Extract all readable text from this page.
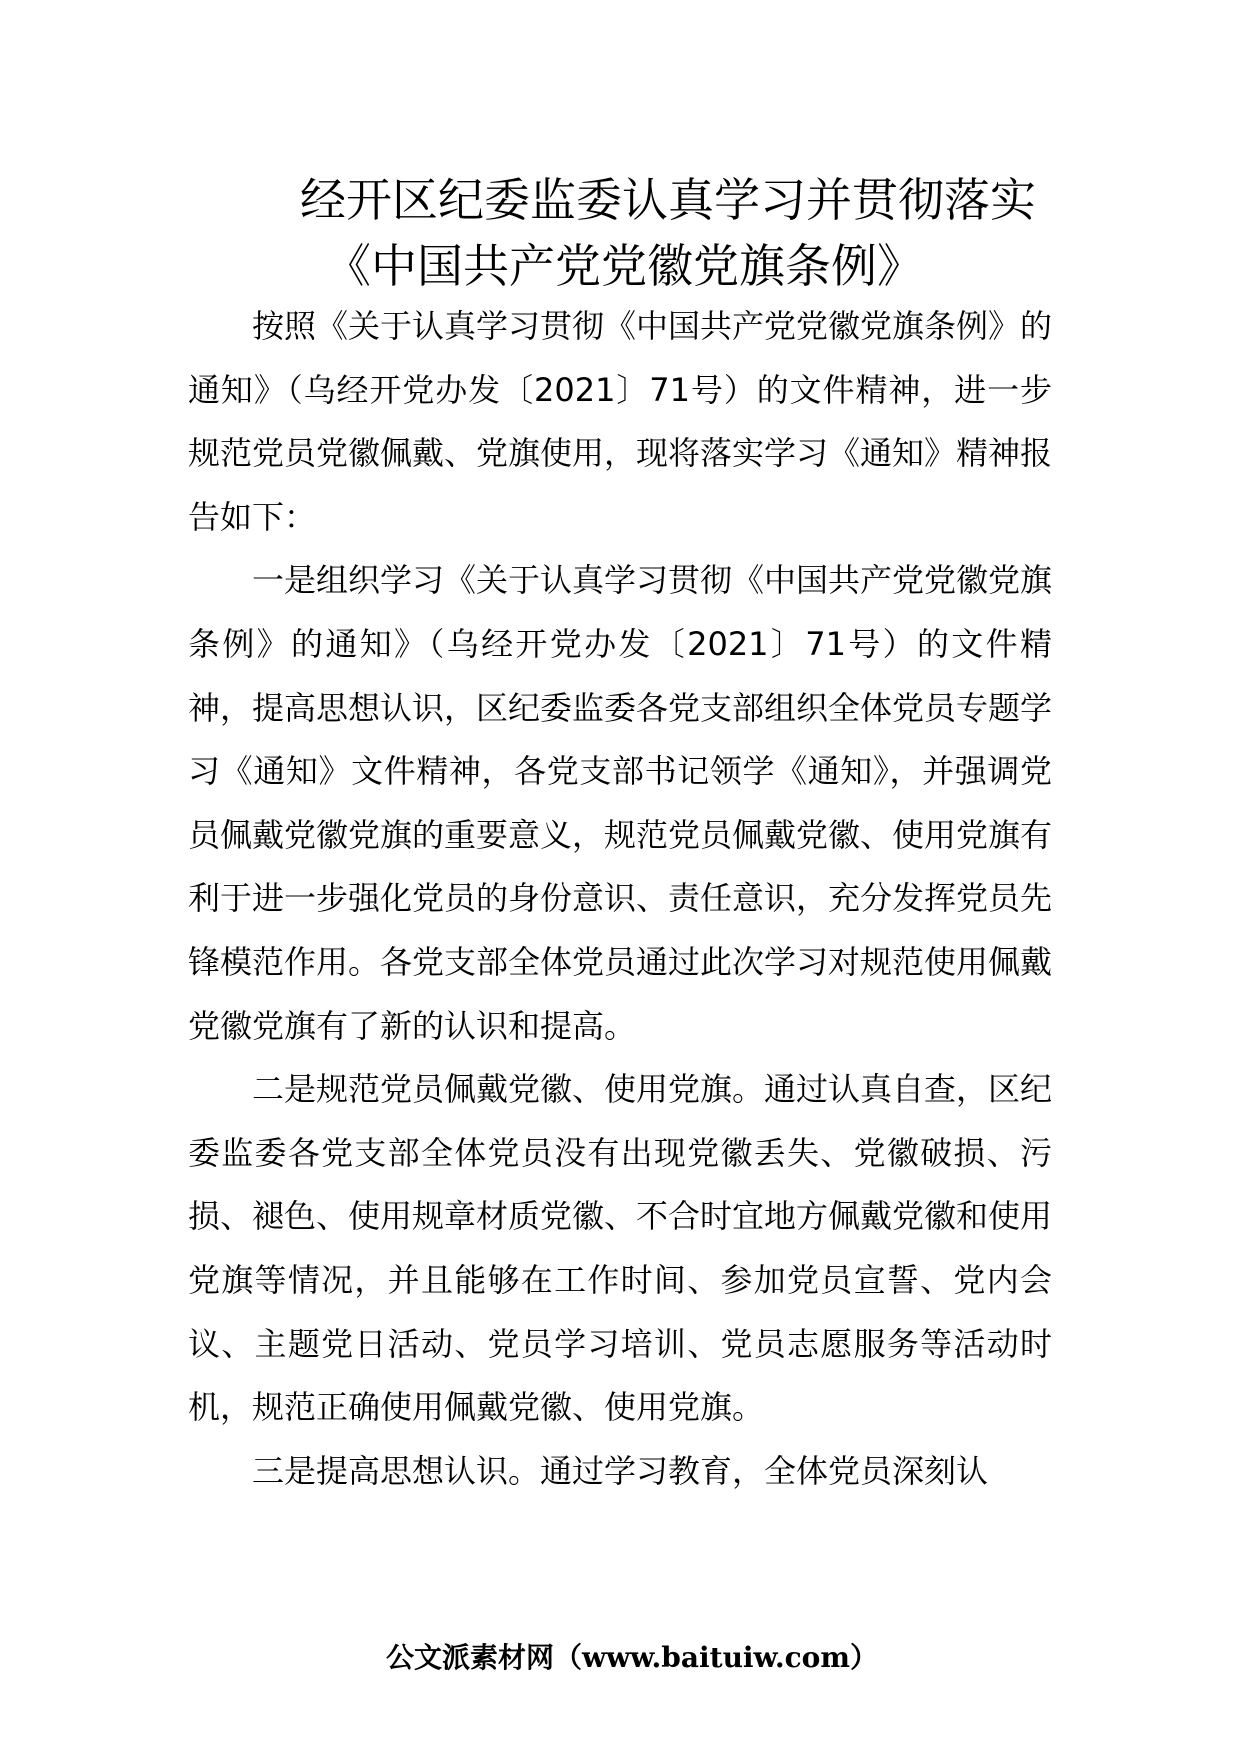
经开区纪委监委认真学习并贯彻落实
《中国共产党党徽党旗条例》

按照《关于认真学习贯彻《中国共产党党徽党旗条例》的通知》（乌经开党办发〔2021〕71号）的文件精神，进一步规范党员党徽佩戴、党旗使用，现将落实学习《通知》精神报告如下：

一是组织学习《关于认真学习贯彻《中国共产党党徽党旗条例》的通知》（乌经开党办发〔2021〕71号）的文件精神，提高思想认识，区纪委监委各党支部组织全体党员专题学习《通知》文件精神，各党支部书记领学《通知》，并强调党员佩戴党徽党旗的重要意义，规范党员佩戴党徽、使用党旗有利于进一步强化党员的身份意识、责任意识，充分发挥党员先锋模范作用。各党支部全体党员通过此次学习对规范使用佩戴党徽党旗有了新的认识和提高。

二是规范党员佩戴党徽、使用党旗。通过认真自查，区纪委监委各党支部全体党员没有出现党徽丢失、党徽破损、污损、褪色、使用规章材质党徽、不合时宜地方佩戴党徽和使用党旗等情况，并且能够在工作时间、参加党员宣誓、党内会议、主题党日活动、党员学习培训、党员志愿服务等活动时机，规范正确使用佩戴党徽、使用党旗。

三是提高思想认识。通过学习教育，全体党员深刻认

公文派素材网（www.baituiw.com）
